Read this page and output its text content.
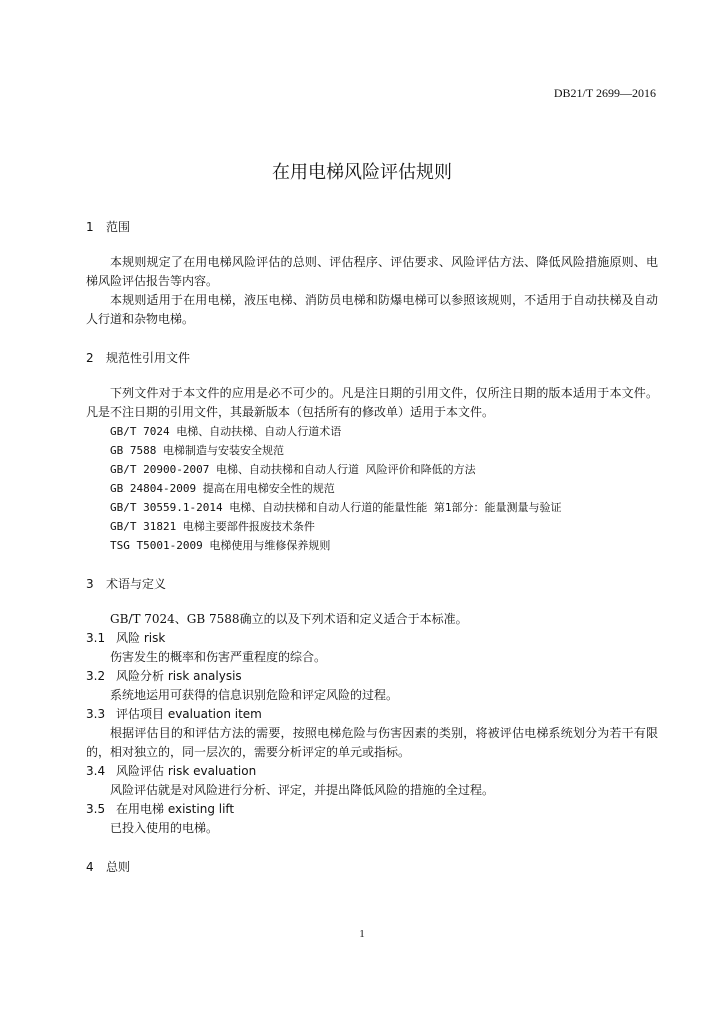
DB21/T 2699—2016
在用电梯风险评估规则
1 范围
本规则规定了在用电梯风险评估的总则、评估程序、评估要求、风险评估方法、降低风险措施原则、电梯风险评估报告等内容。
本规则适用于在用电梯，液压电梯、消防员电梯和防爆电梯可以参照该规则，不适用于自动扶梯及自动人行道和杂物电梯。
2 规范性引用文件
下列文件对于本文件的应用是必不可少的。凡是注日期的引用文件，仅所注日期的版本适用于本文件。凡是不注日期的引用文件，其最新版本（包括所有的修改单）适用于本文件。
GB/T 7024 电梯、自动扶梯、自动人行道术语
GB 7588 电梯制造与安装安全规范
GB/T 20900-2007 电梯、自动扶梯和自动人行道 风险评价和降低的方法
GB 24804-2009 提高在用电梯安全性的规范
GB/T 30559.1-2014 电梯、自动扶梯和自动人行道的能量性能 第1部分：能量测量与验证
GB/T 31821 电梯主要部件报废技术条件
TSG T5001-2009 电梯使用与维修保养规则
3 术语与定义
GB/T 7024、GB 7588确立的以及下列术语和定义适合于本标准。
3.1 风险 risk
伤害发生的概率和伤害严重程度的综合。
3.2 风险分析 risk analysis
系统地运用可获得的信息识别危险和评定风险的过程。
3.3 评估项目 evaluation item
根据评估目的和评估方法的需要，按照电梯危险与伤害因素的类别，将被评估电梯系统划分为若干有限的，相对独立的，同一层次的，需要分析评定的单元或指标。
3.4 风险评估 risk evaluation
风险评估就是对风险进行分析、评定，并提出降低风险的措施的全过程。
3.5 在用电梯 existing lift
已投入使用的电梯。
4 总则
1
